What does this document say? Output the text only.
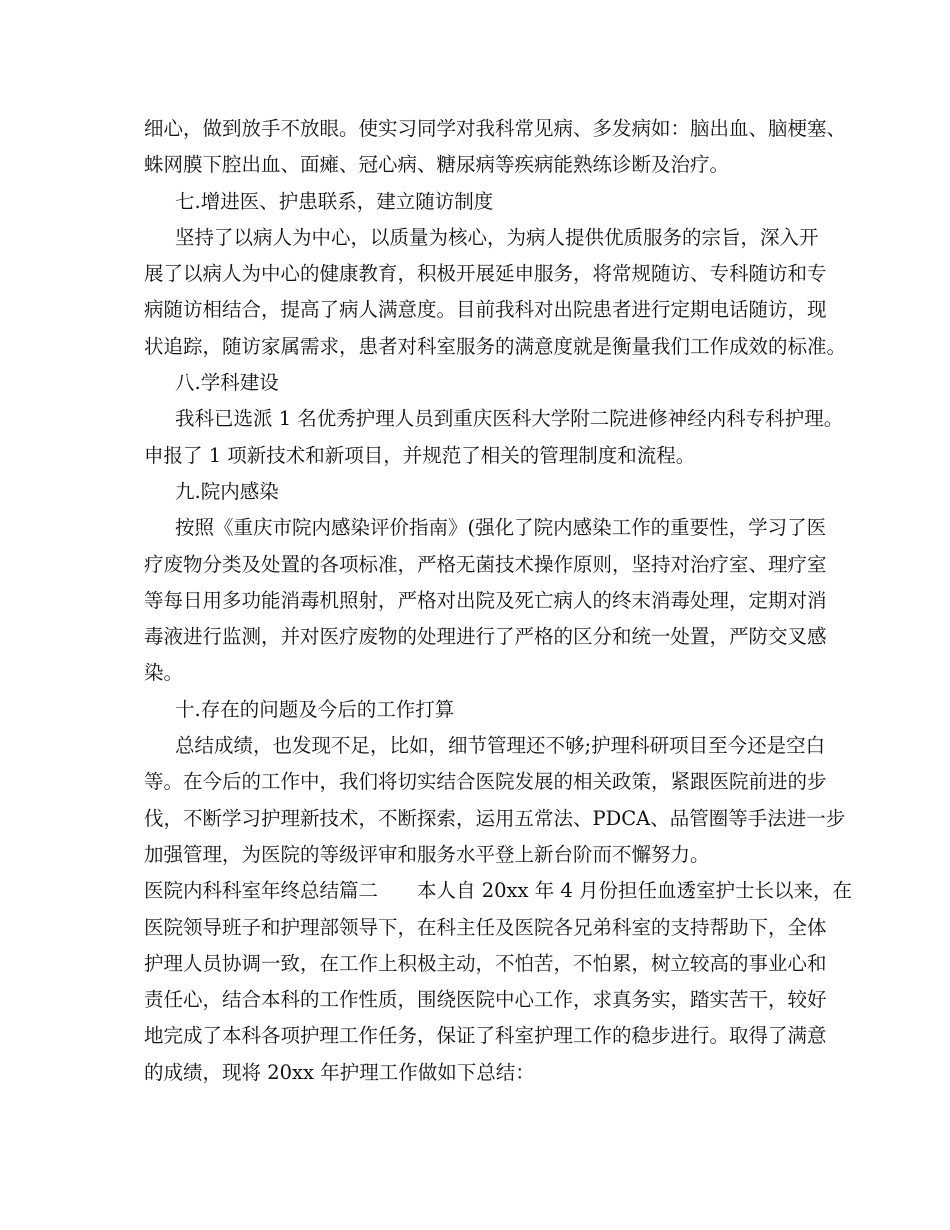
细心，做到放手不放眼。使实习同学对我科常见病、多发病如：脑出血、脑梗塞、
蛛网膜下腔出血、面瘫、冠心病、糖尿病等疾病能熟练诊断及治疗。
七.增进医、护患联系，建立随访制度
坚持了以病人为中心，以质量为核心，为病人提供优质服务的宗旨，深入开
展了以病人为中心的健康教育，积极开展延申服务，将常规随访、专科随访和专
病随访相结合，提高了病人满意度。目前我科对出院患者进行定期电话随访，现
状追踪，随访家属需求，患者对科室服务的满意度就是衡量我们工作成效的标准。
八.学科建设
我科已选派 1 名优秀护理人员到重庆医科大学附二院进修神经内科专科护理。
申报了 1 项新技术和新项目，并规范了相关的管理制度和流程。
九.院内感染
按照《重庆市院内感染评价指南》(强化了院内感染工作的重要性，学习了医
疗废物分类及处置的各项标准，严格无菌技术操作原则，坚持对治疗室、理疗室
等每日用多功能消毒机照射，严格对出院及死亡病人的终末消毒处理，定期对消
毒液进行监测，并对医疗废物的处理进行了严格的区分和统一处置，严防交叉感
染。
十.存在的问题及今后的工作打算
总结成绩，也发现不足，比如，细节管理还不够;护理科研项目至今还是空白
等。在今后的工作中，我们将切实结合医院发展的相关政策，紧跟医院前进的步
伐，不断学习护理新技术，不断探索，运用五常法、PDCA、品管圈等手法进一步
加强管理，为医院的等级评审和服务水平登上新台阶而不懈努力。
医院内科科室年终总结篇二　　本人自 20xx 年 4 月份担任血透室护士长以来，在
医院领导班子和护理部领导下，在科主任及医院各兄弟科室的支持帮助下，全体
护理人员协调一致，在工作上积极主动，不怕苦，不怕累，树立较高的事业心和
责任心，结合本科的工作性质，围绕医院中心工作，求真务实，踏实苦干，较好
地完成了本科各项护理工作任务，保证了科室护理工作的稳步进行。取得了满意
的成绩，现将 20xx 年护理工作做如下总结：
